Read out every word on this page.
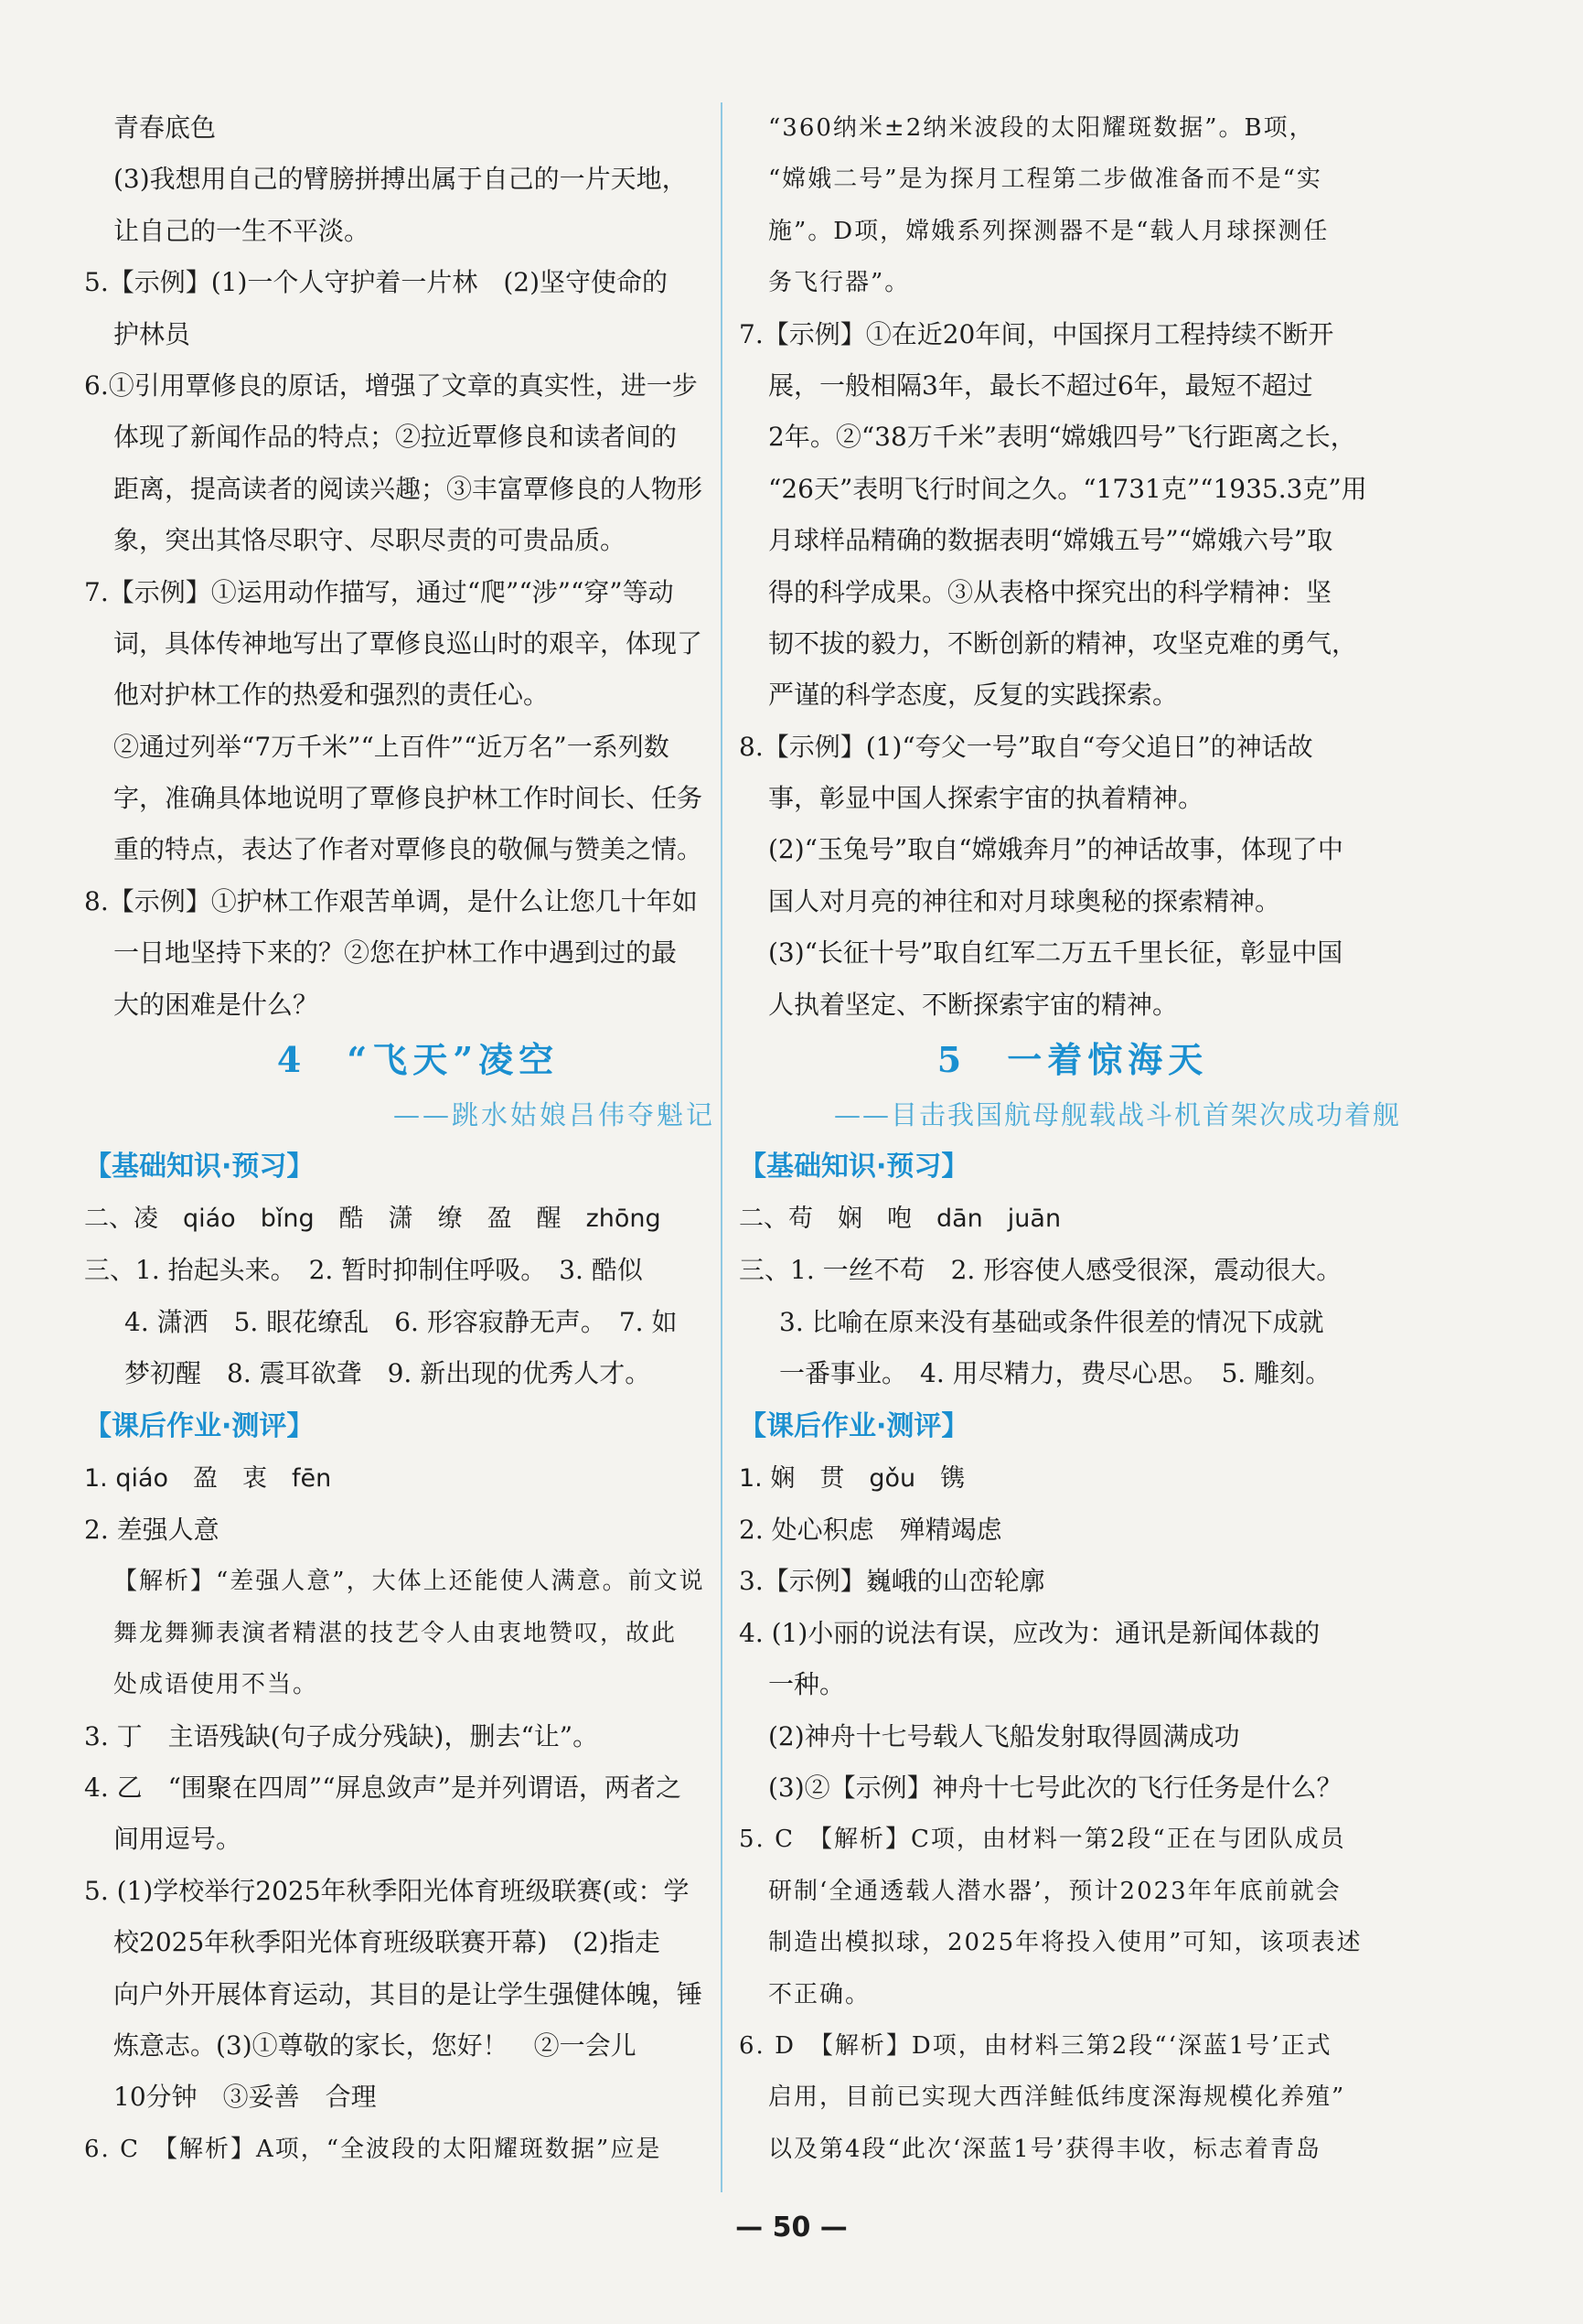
青春底色
(3)我想用自己的臂膀拼搏出属于自己的一片天地，
让自己的一生不平淡。
5.【示例】(1)一个人守护着一片林　(2)坚守使命的
护林员
6.①引用覃修良的原话，增强了文章的真实性，进一步
体现了新闻作品的特点；②拉近覃修良和读者间的
距离，提高读者的阅读兴趣；③丰富覃修良的人物形
象，突出其恪尽职守、尽职尽责的可贵品质。
7.【示例】①运用动作描写，通过“爬”“涉”“穿”等动
词，具体传神地写出了覃修良巡山时的艰辛，体现了
他对护林工作的热爱和强烈的责任心。
②通过列举“7万千米”“上百件”“近万名”一系列数
字，准确具体地说明了覃修良护林工作时间长、任务
重的特点，表达了作者对覃修良的敬佩与赞美之情。
8.【示例】①护林工作艰苦单调，是什么让您几十年如
一日地坚持下来的？②您在护林工作中遇到过的最
大的困难是什么？
4　“飞天”凌空
——跳水姑娘吕伟夺魁记
【基础知识·预习】
二、凌　qiáo　bǐng　酷　潇　缭　盈　醒　zhōng
三、1. 抬起头来。　2. 暂时抑制住呼吸。　3. 酷似
4. 潇洒　5. 眼花缭乱　6. 形容寂静无声。　7. 如
梦初醒　8. 震耳欲聋　9. 新出现的优秀人才。
【课后作业·测评】
1. qiáo　盈　衷　fēn
2. 差强人意
【解析】“差强人意”，大体上还能使人满意。前文说
舞龙舞狮表演者精湛的技艺令人由衷地赞叹，故此
处成语使用不当。
3. 丁　主语残缺(句子成分残缺)，删去“让”。
4. 乙　“围聚在四周”“屏息敛声”是并列谓语，两者之
间用逗号。
5. (1)学校举行2025年秋季阳光体育班级联赛(或：学
校2025年秋季阳光体育班级联赛开幕)　(2)指走
向户外开展体育运动，其目的是让学生强健体魄，锤
炼意志。(3)①尊敬的家长，您好！　②一会儿
10分钟　③妥善　合理
6. C　【解析】A项，“全波段的太阳耀斑数据”应是
“360纳米±2纳米波段的太阳耀斑数据”。B项，
“嫦娥二号”是为探月工程第二步做准备而不是“实
施”。D项，嫦娥系列探测器不是“载人月球探测任
务飞行器”。
7.【示例】①在近20年间，中国探月工程持续不断开
展，一般相隔3年，最长不超过6年，最短不超过
2年。②“38万千米”表明“嫦娥四号”飞行距离之长，
“26天”表明飞行时间之久。“1731克”“1935.3克”用
月球样品精确的数据表明“嫦娥五号”“嫦娥六号”取
得的科学成果。③从表格中探究出的科学精神：坚
韧不拔的毅力，不断创新的精神，攻坚克难的勇气，
严谨的科学态度，反复的实践探索。
8.【示例】(1)“夸父一号”取自“夸父追日”的神话故
事，彰显中国人探索宇宙的执着精神。
(2)“玉兔号”取自“嫦娥奔月”的神话故事，体现了中
国人对月亮的神往和对月球奥秘的探索精神。
(3)“长征十号”取自红军二万五千里长征，彰显中国
人执着坚定、不断探索宇宙的精神。
5　一着惊海天
——目击我国航母舰载战斗机首架次成功着舰
【基础知识·预习】
二、苟　娴　咆　dān　juān
三、1. 一丝不苟　2. 形容使人感受很深，震动很大。
3. 比喻在原来没有基础或条件很差的情况下成就
一番事业。　4. 用尽精力，费尽心思。　5. 雕刻。
【课后作业·测评】
1. 娴　贯　gǒu　镌
2. 处心积虑　殚精竭虑
3.【示例】巍峨的山峦轮廓
4. (1)小丽的说法有误，应改为：通讯是新闻体裁的
一种。
(2)神舟十七号载人飞船发射取得圆满成功
(3)②【示例】神舟十七号此次的飞行任务是什么？
5. C　【解析】C项，由材料一第2段“正在与团队成员
研制‘全通透载人潜水器’，预计2023年年底前就会
制造出模拟球，2025年将投入使用”可知，该项表述
不正确。
6. D　【解析】D项，由材料三第2段“‘深蓝1号’正式
启用，目前已实现大西洋鲑低纬度深海规模化养殖”
以及第4段“此次‘深蓝1号’获得丰收，标志着青岛
— 50 —
